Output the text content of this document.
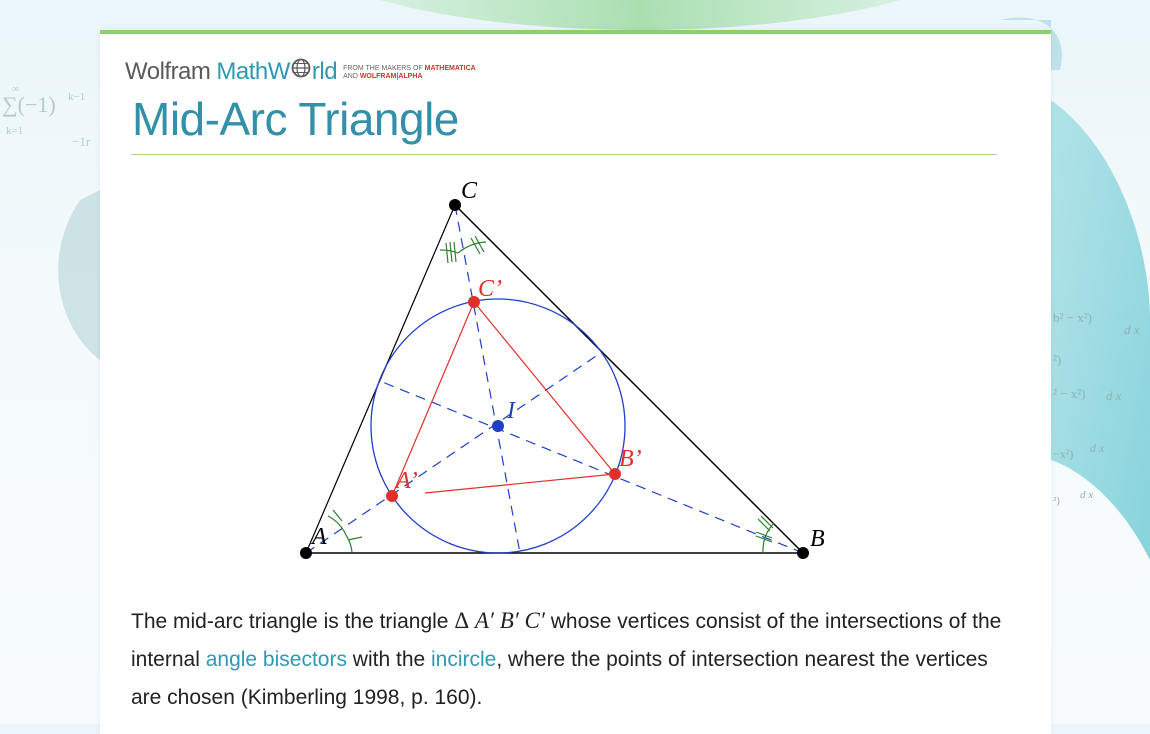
∑(−1) k−1
k=1
∞
−1r
b² − x²)
d x
²)
² − x²) d x
−x²) d x
²) d x
Wolfram MathW rld FROM THE MAKERS OF MATHEMATICA
AND WOLFRAM|ALPHA
Mid-Arc Triangle
A	B
C
A’
B’
C’
I

The mid-arc triangle is the triangle Δ A′ B′ C′ whose vertices consist of the intersections of the internal angle bisectors with the incircle, where the points of intersection nearest the vertices are chosen (Kimberling 1998, p. 160).
